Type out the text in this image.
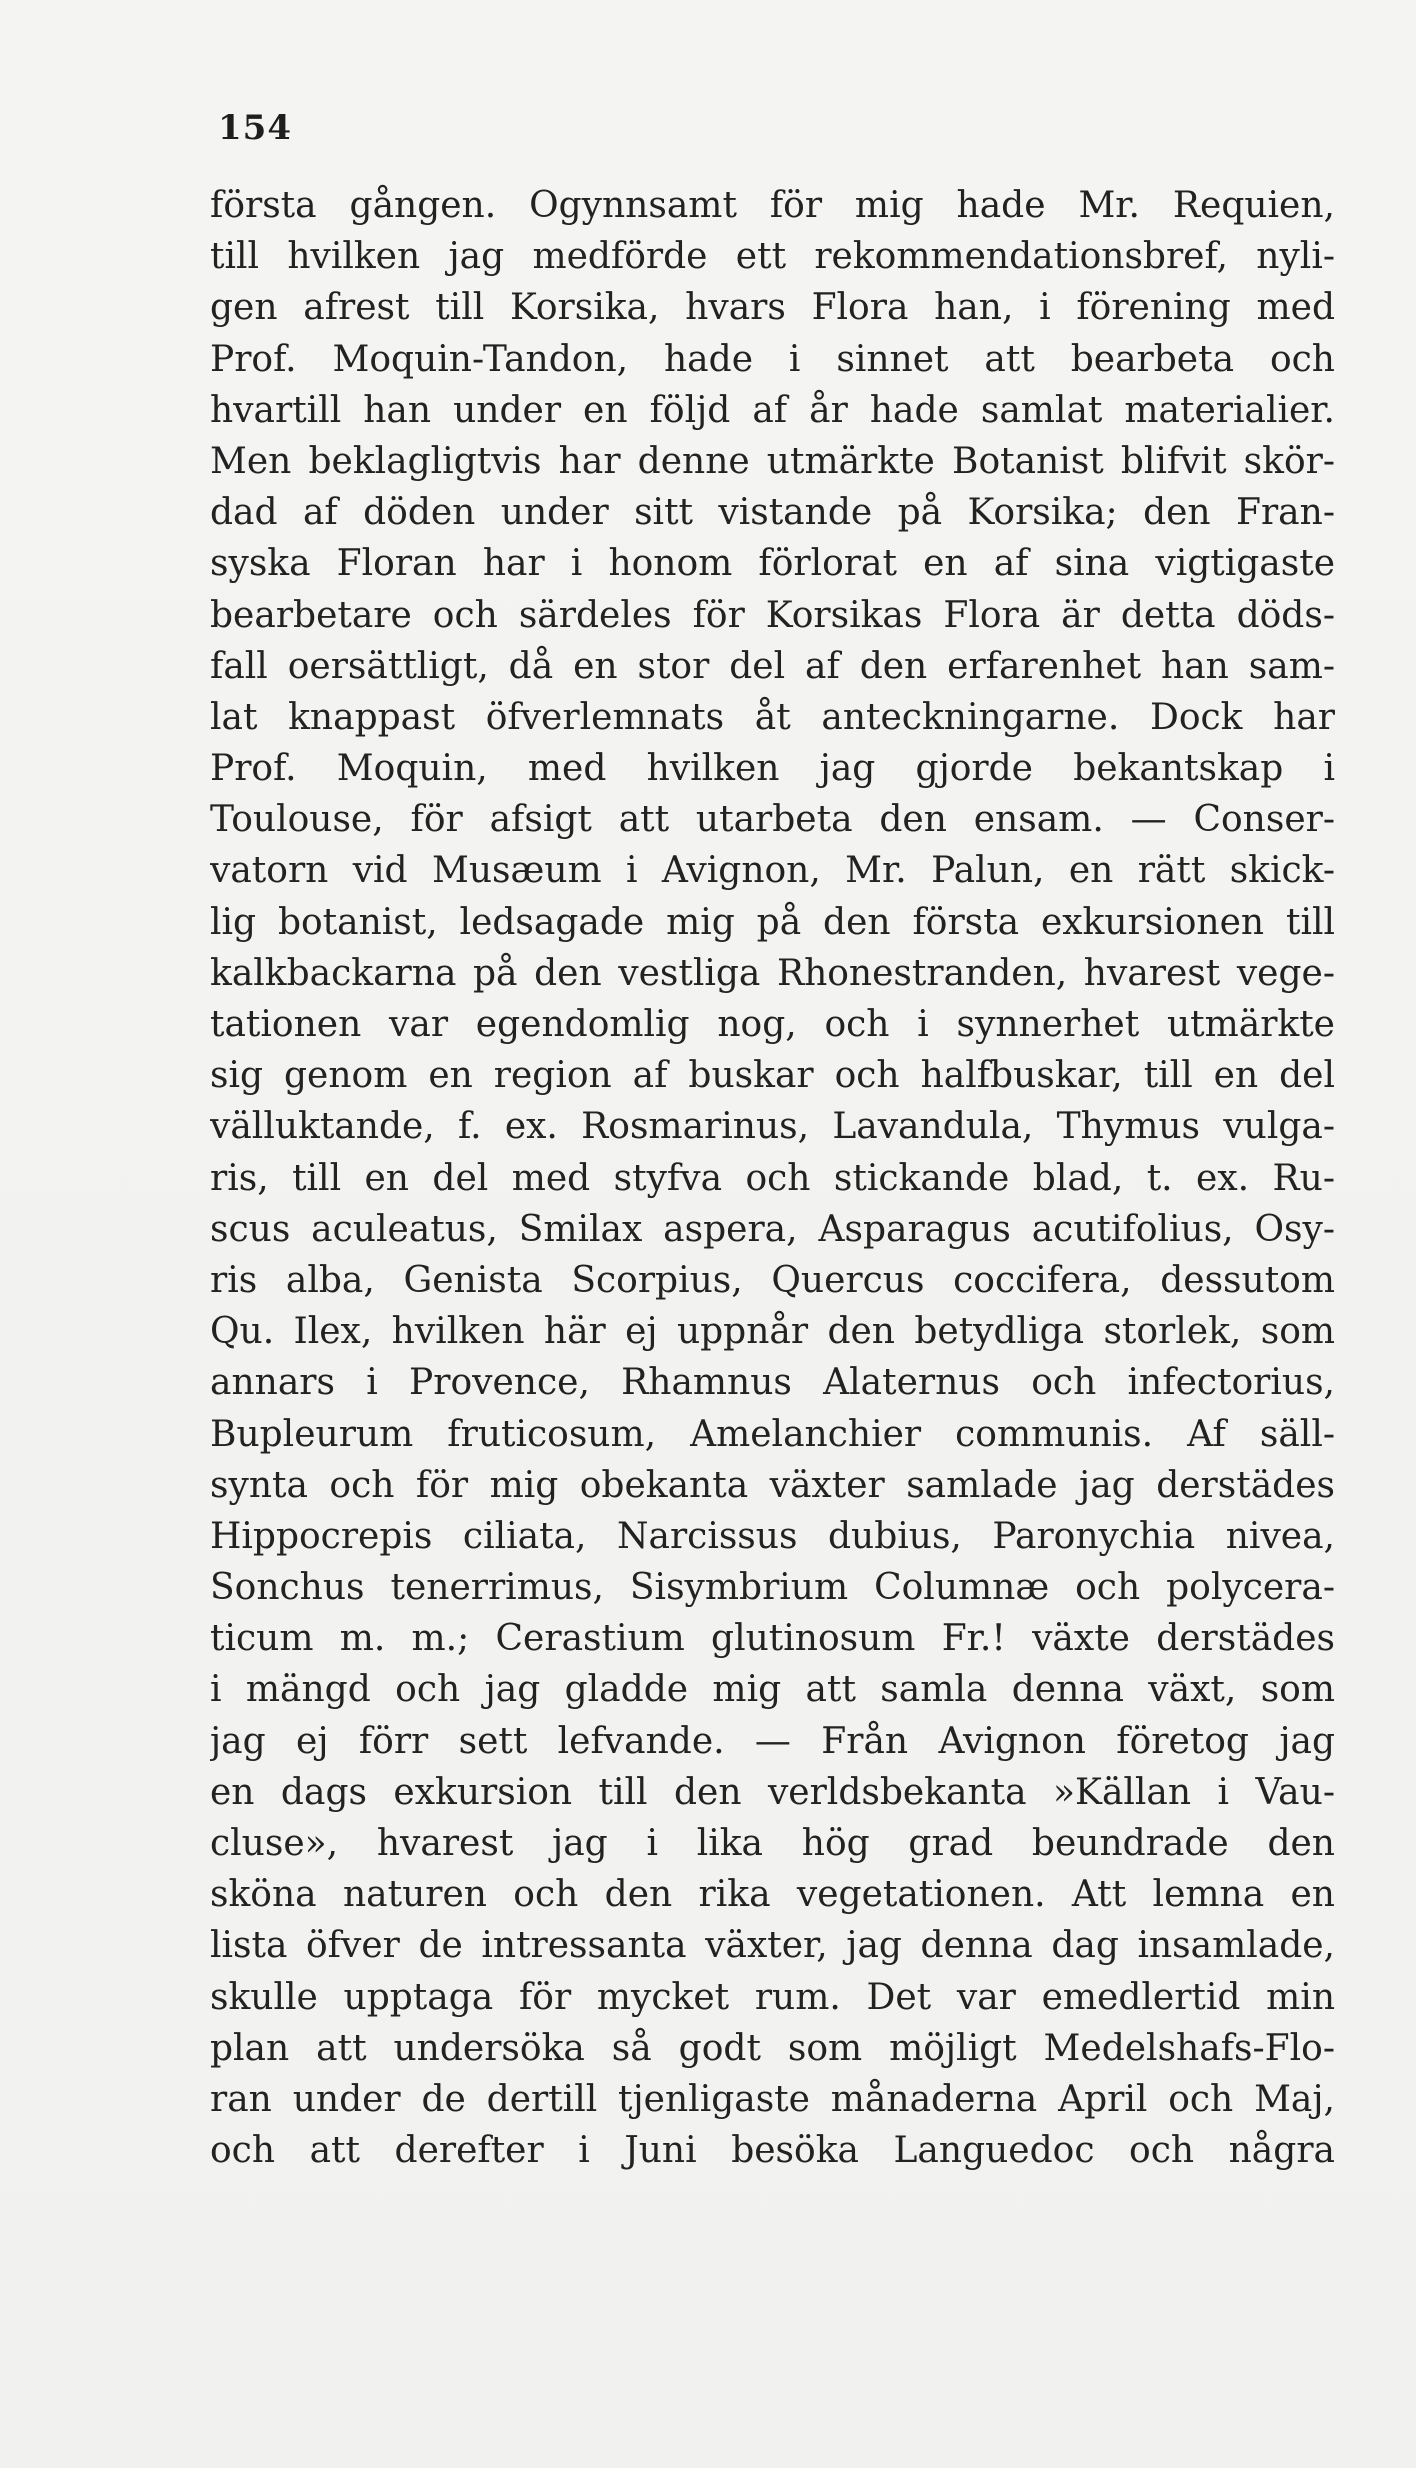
154
första gången. Ogynnsamt för mig hade Mr. Requien,
till hvilken jag medförde ett rekommendationsbref, nyli-
gen afrest till Korsika, hvars Flora han, i förening med
Prof. Moquin-Tandon, hade i sinnet att bearbeta och
hvartill han under en följd af år hade samlat materialier.
Men beklagligtvis har denne utmärkte Botanist blifvit skör-
dad af döden under sitt vistande på Korsika; den Fran-
syska Floran har i honom förlorat en af sina vigtigaste
bearbetare och särdeles för Korsikas Flora är detta döds-
fall oersättligt, då en stor del af den erfarenhet han sam-
lat knappast öfverlemnats åt anteckningarne. Dock har
Prof. Moquin, med hvilken jag gjorde bekantskap i
Toulouse, för afsigt att utarbeta den ensam. — Conser-
vatorn vid Musæum i Avignon, Mr. Palun, en rätt skick-
lig botanist, ledsagade mig på den första exkursionen till
kalkbackarna på den vestliga Rhonestranden, hvarest vege-
tationen var egendomlig nog, och i synnerhet utmärkte
sig genom en region af buskar och halfbuskar, till en del
välluktande, f. ex. Rosmarinus, Lavandula, Thymus vulga-
ris, till en del med styfva och stickande blad, t. ex. Ru-
scus aculeatus, Smilax aspera, Asparagus acutifolius, Osy-
ris alba, Genista Scorpius, Quercus coccifera, dessutom
Qu. Ilex, hvilken här ej uppnår den betydliga storlek, som
annars i Provence, Rhamnus Alaternus och infectorius,
Bupleurum fruticosum, Amelanchier communis. Af säll-
synta och för mig obekanta växter samlade jag derstädes
Hippocrepis ciliata, Narcissus dubius, Paronychia nivea,
Sonchus tenerrimus, Sisymbrium Columnæ och polycera-
ticum m. m.; Cerastium glutinosum Fr.! växte derstädes
i mängd och jag gladde mig att samla denna växt, som
jag ej förr sett lefvande. — Från Avignon företog jag
en dags exkursion till den verldsbekanta »Källan i Vau-
cluse», hvarest jag i lika hög grad beundrade den
sköna naturen och den rika vegetationen. Att lemna en
lista öfver de intressanta växter, jag denna dag insamlade,
skulle upptaga för mycket rum. Det var emedlertid min
plan att undersöka så godt som möjligt Medelshafs-Flo-
ran under de dertill tjenligaste månaderna April och Maj,
och att derefter i Juni besöka Languedoc och några
